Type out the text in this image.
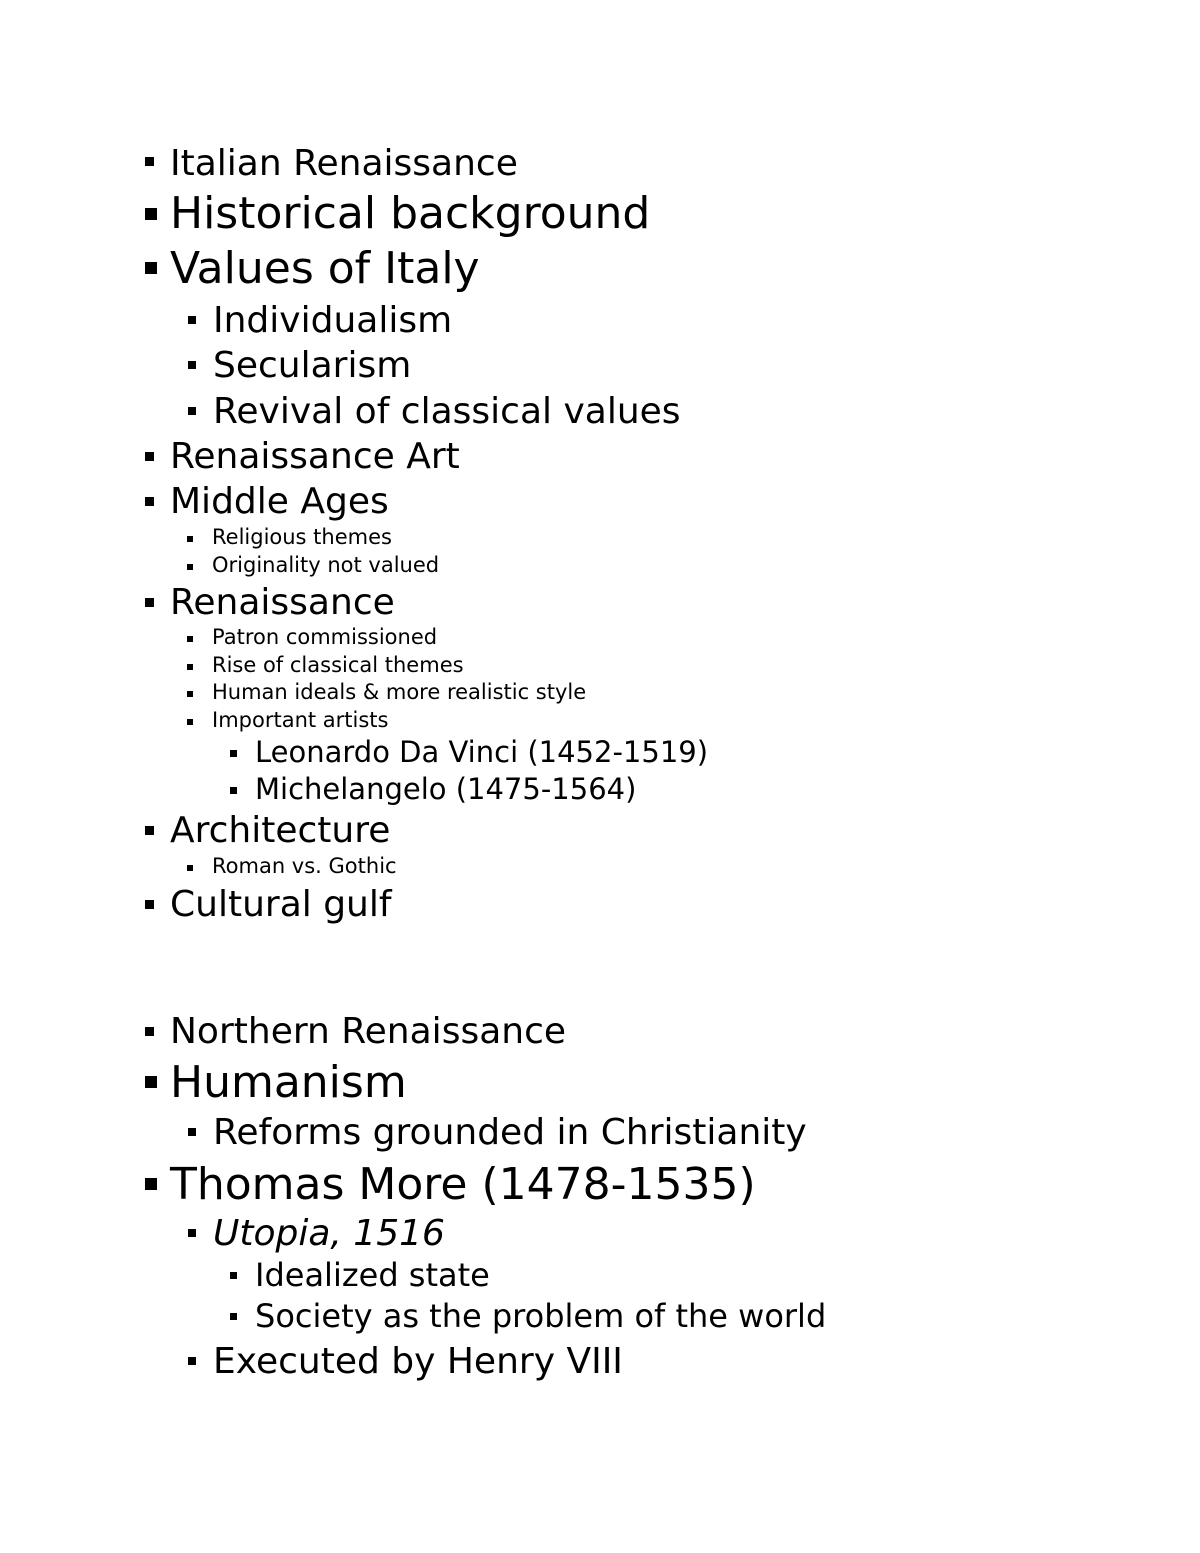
Italian Renaissance
Historical background
Values of Italy
Individualism
Secularism
Revival of classical values
Renaissance Art
Middle Ages
Religious themes
Originality not valued
Renaissance
Patron commissioned
Rise of classical themes
Human ideals & more realistic style
Important artists
Leonardo Da Vinci (1452-1519)
Michelangelo (1475-1564)
Architecture
Roman vs. Gothic
Cultural gulf
Northern Renaissance
Humanism
Reforms grounded in Christianity
Thomas More (1478-1535)
Utopia, 1516
Idealized state
Society as the problem of the world
Executed by Henry VIII
